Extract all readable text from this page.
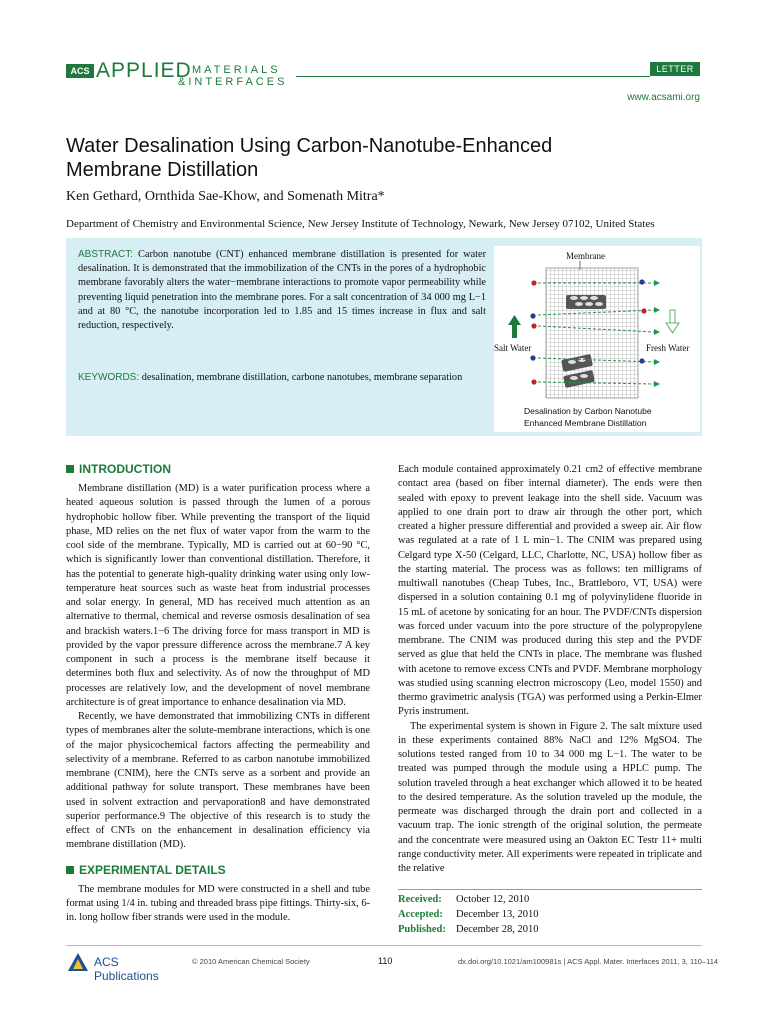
ACS APPLIED MATERIALS
&INTERFACES
LETTER
www.acsami.org
Water Desalination Using Carbon-Nanotube-Enhanced
Membrane Distillation
Ken Gethard, Ornthida Sae-Khow, and Somenath Mitra*
Department of Chemistry and Environmental Science, New Jersey Institute of Technology, Newark, New Jersey 07102, United States
ABSTRACT: Carbon nanotube (CNT) enhanced membrane distillation is presented for water desalination. It is demonstrated that the immobilization of the CNTs in the pores of a hydrophobic membrane favorably alters the water−membrane interactions to promote vapor permeability while preventing liquid penetration into the membrane pores. For a salt concentration of 34 000 mg L−1 and at 80 °C, the nanotube incorporation led to 1.85 and 15 times increase in flux and salt reduction, respectively.
KEYWORDS: desalination, membrane distillation, carbone nanotubes, membrane separation
Membrane
Salt Water	Fresh Water
Desalination by Carbon Nanotube
Enhanced Membrane Distillation
INTRODUCTION

Membrane distillation (MD) is a water purification process where a heated aqueous solution is passed through the lumen of a porous hydrophobic hollow fiber. While preventing the transport of the liquid phase, MD relies on the net flux of water vapor from the warm to the cool side of the membrane. Typically, MD is carried out at 60−90 °C, which is significantly lower than conventional distillation. Therefore, it has the potential to generate high-quality drinking water using only low-temperature heat sources such as waste heat from industrial processes and solar energy. In general, MD has received much attention as an alternative to thermal, chemical and reverse osmosis desalination of sea and brackish waters.1−6 The driving force for mass transport in MD is provided by the vapor pressure difference across the membrane.7 A key component in such a process is the membrane itself because it determines both flux and selectivity. As of now the throughput of MD processes are relatively low, and the development of novel membrane architecture is of great importance to enhance desalination via MD.

Recently, we have demonstrated that immobilizing CNTs in different types of membranes alter the solute-membrane interactions, which is one of the major physicochemical factors affecting the permeability and selectivity of a membrane. Referred to as carbon nanotube immobilized membrane (CNIM), here the CNTs serve as a sorbent and provide an additional pathway for solute transport. These membranes have been used in solvent extraction and pervaporation8 and have demonstrated superior performance.9 The objective of this research is to study the effect of CNTs on the enhancement in desalination efficiency via membrane distillation (MD).

EXPERIMENTAL DETAILS

The membrane modules for MD were constructed in a shell and tube format using 1/4 in. tubing and threaded brass pipe fittings. Thirty-six, 6-in. long hollow fiber strands were used in the module.

Each module contained approximately 0.21 cm2 of effective membrane contact area (based on fiber internal diameter). The ends were then sealed with epoxy to prevent leakage into the shell side. Vacuum was applied to one drain port to draw air through the other port, which created a higher pressure differential and provided a sweep air. Air flow was regulated at a rate of 1 L min−1. The CNIM was prepared using Celgard type X-50 (Celgard, LLC, Charlotte, NC, USA) hollow fiber as the starting material. The process was as follows: ten milligrams of multiwall nanotubes (Cheap Tubes, Inc., Brattleboro, VT, USA) were dispersed in a solution containing 0.1 mg of polyvinylidene fluoride in 15 mL of acetone by sonicating for an hour. The PVDF/CNTs dispersion was forced under vacuum into the pore structure of the polypropylene membrane. The CNIM was produced during this step and the PVDF served as glue that held the CNTs in place. The membrane was flushed with acetone to remove excess CNTs and PVDF. Membrane morphology was studied using scanning electron microscopy (Leo, model 1550) and thermo gravimetric analysis (TGA) was performed using a Perkin-Elmer Pyris instrument.

The experimental system is shown in Figure 2. The salt mixture used in these experiments contained 88% NaCl and 12% MgSO4. The solutions tested ranged from 10 to 34 000 mg L−1. The water to be treated was pumped through the module using a HPLC pump. The solution traveled through a heat exchanger which allowed it to be heated to the desired temperature. As the solution traveled up the module, the permeate was discharged through the drain port and collected in a vacuum trap. The ionic strength of the original solution, the permeate and the concentrate were measured using an Oakton EC Testr 11+ multi range conductivity meter. All experiments were repeated in triplicate and the relative

Received: October 12, 2010
Accepted: December 13, 2010
Published: December 28, 2010
ACS Publications
© 2010 American Chemical Society	110	dx.doi.org/10.1021/am100981s | ACS Appl. Mater. Interfaces 2011, 3, 110–114
